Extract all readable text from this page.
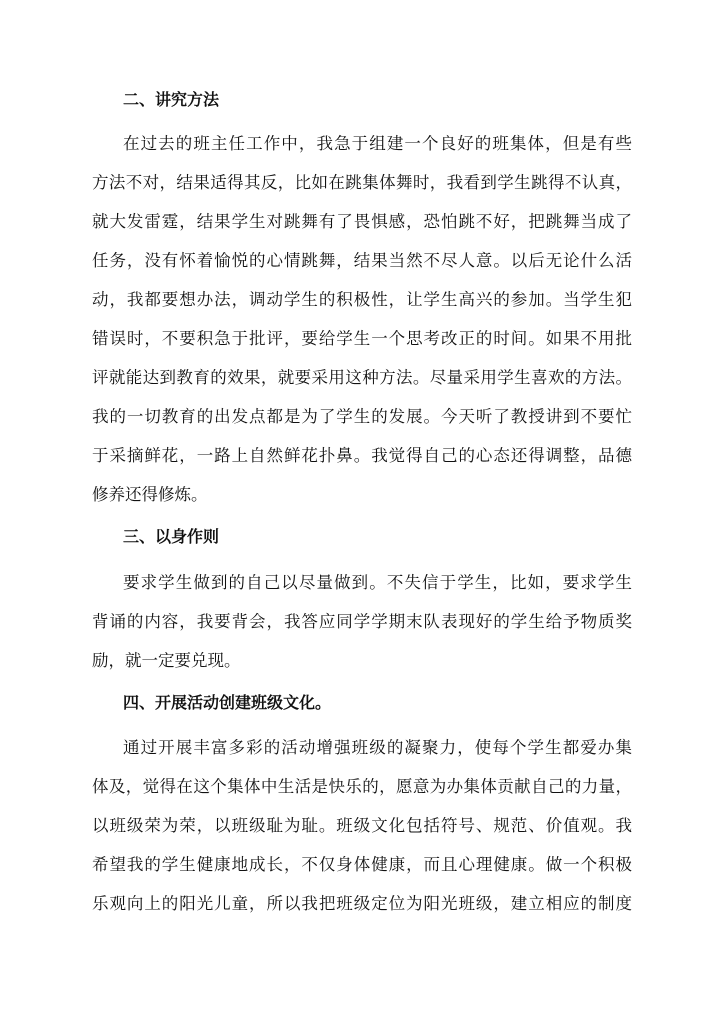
二、讲究方法
在过去的班主任工作中，我急于组建一个良好的班集体，但是有些
方法不对，结果适得其反，比如在跳集体舞时，我看到学生跳得不认真，
就大发雷霆，结果学生对跳舞有了畏惧感，恐怕跳不好，把跳舞当成了
任务，没有怀着愉悦的心情跳舞，结果当然不尽人意。以后无论什么活
动，我都要想办法，调动学生的积极性，让学生高兴的参加。当学生犯
错误时，不要积急于批评，要给学生一个思考改正的时间。如果不用批
评就能达到教育的效果，就要采用这种方法。尽量采用学生喜欢的方法。
我的一切教育的出发点都是为了学生的发展。今天听了教授讲到不要忙
于采摘鲜花，一路上自然鲜花扑鼻。我觉得自己的心态还得调整，品德
修养还得修炼。
三、以身作则
要求学生做到的自己以尽量做到。不失信于学生，比如，要求学生
背诵的内容，我要背会，我答应同学学期末队表现好的学生给予物质奖
励，就一定要兑现。
四、开展活动创建班级文化。
通过开展丰富多彩的活动增强班级的凝聚力，使每个学生都爱办集
体及，觉得在这个集体中生活是快乐的，愿意为办集体贡献自己的力量，
以班级荣为荣，以班级耻为耻。班级文化包括符号、规范、价值观。我
希望我的学生健康地成长，不仅身体健康，而且心理健康。做一个积极
乐观向上的阳光儿童，所以我把班级定位为阳光班级，建立相应的制度
